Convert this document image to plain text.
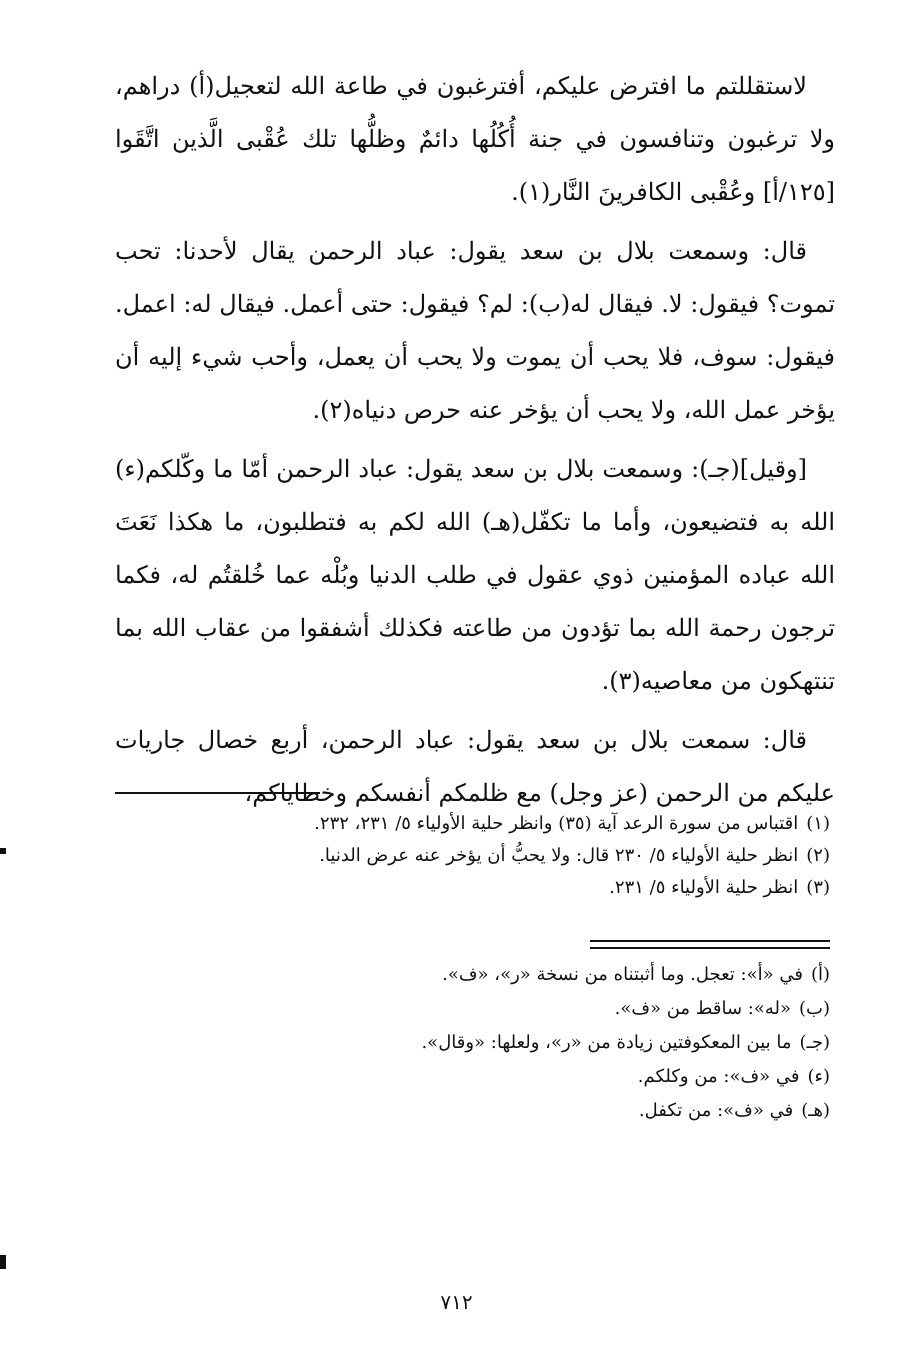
لاستقللتم ما افترض عليكم، أفترغبون في طاعة الله لتعجيل(أ) دراهم، ولا ترغبون وتنافسون في جنة أُكُلُها دائمٌ وظلُّها تلك عُقْبى الَّذين اتَّقَوا [١٢٥/أ] وعُقْبى الكافرينَ النَّار(١).

قال: وسمعت بلال بن سعد يقول: عباد الرحمن يقال لأحدنا: تحب تموت؟ فيقول: لا. فيقال له(ب): لم؟ فيقول: حتى أعمل. فيقال له: اعمل. فيقول: سوف، فلا يحب أن يموت ولا يحب أن يعمل، وأحب شيء إليه أن يؤخر عمل الله، ولا يحب أن يؤخر عنه حرص دنياه(٢).

[وقيل](جـ): وسمعت بلال بن سعد يقول: عباد الرحمن أمّا ما وكّلكم(ء) الله به فتضيعون، وأما ما تكفّل(هـ) الله لكم به فتطلبون، ما هكذا نَعَتَ الله عباده المؤمنين ذوي عقول في طلب الدنيا وبُلْه عما خُلقتُم له، فكما ترجون رحمة الله بما تؤدون من طاعته فكذلك أشفقوا من عقاب الله بما تنتهكون من معاصيه(٣).

قال: سمعت بلال بن سعد يقول: عباد الرحمن، أربع خصال جاريات عليكم من الرحمن (عز وجل) مع ظلمكم أنفسكم وخطاياكم،

(١)
اقتباس من سورة الرعد آية (٣٥) وانظر حلية الأولياء ٥/ ٢٣١، ٢٣٢.
(٢)
انظر حلية الأولياء ٥/ ٢٣٠ قال: ولا يحبُّ أن يؤخر عنه عرض الدنيا.
(٣)
انظر حلية الأولياء ٥/ ٢٣١.
(أ)
في «أ»: تعجل. وما أثبتناه من نسخة «ر»، «ف».
(ب)
«له»: ساقط من «ف».
(جـ)
ما بين المعكوفتين زيادة من «ر»، ولعلها: «وقال».
(ء)
في «ف»: من وكلكم.
(هـ)
في «ف»: من تكفل.
٧١٢
